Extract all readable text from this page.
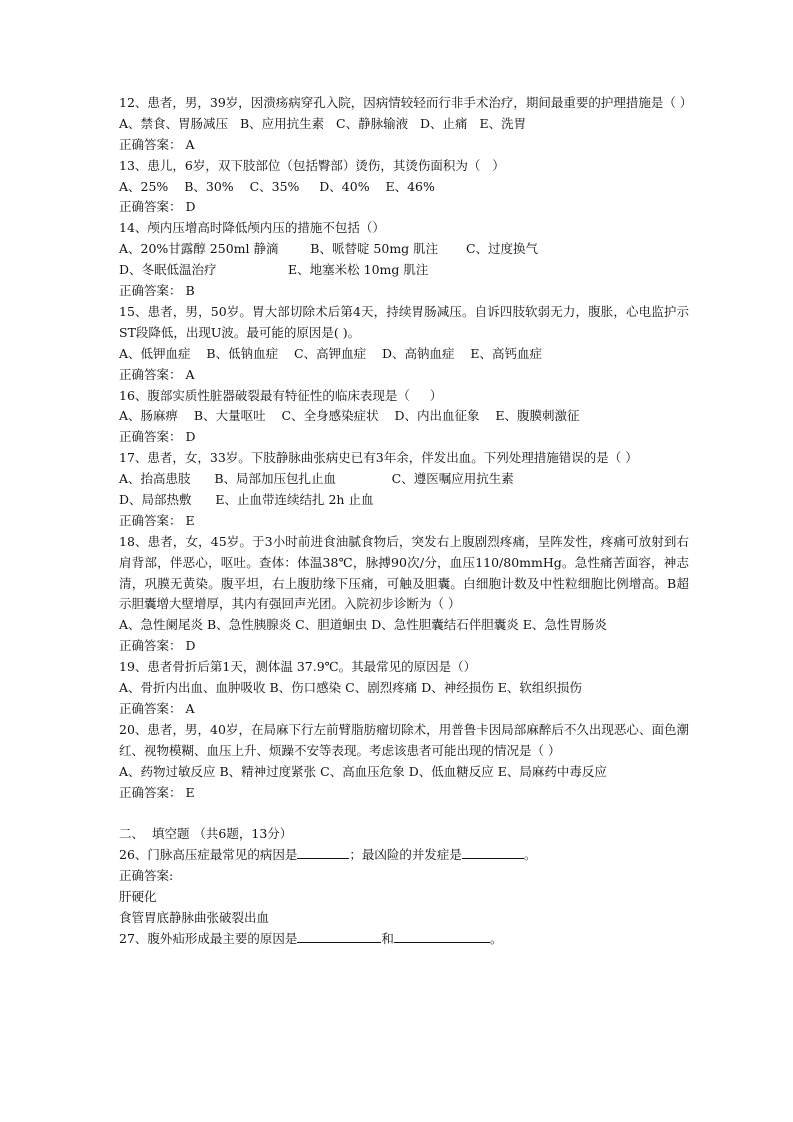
12、患者，男，39岁，因溃疡病穿孔入院，因病情较轻而行非手术治疗，期间最重要的护理措施是（ ）
A、禁食、胃肠减压   B、应用抗生素   C、静脉输液   D、止痛   E、洗胃
正确答案： A
13、患儿，6岁，双下肢部位（包括臀部）烫伤，其烫伤面积为（   ）
A、25%    B、30%    C、35%     D、40%    E、46%
正确答案： D
14、颅内压增高时降低颅内压的措施不包括（）
A、20%甘露醇 250ml 静滴        B、哌替啶 50mg 肌注       C、过度换气
D、冬眠低温治疗                  E、地塞米松 10mg 肌注
正确答案： B
15、患者，男，50岁。胃大部切除术后第4天，持续胃肠减压。自诉四肢软弱无力，腹胀，心电监护示ST段降低，出现U波。最可能的原因是( )。
A、低钾血症    B、低钠血症    C、高钾血症    D、高钠血症    E、高钙血症
正确答案： A
16、腹部实质性脏器破裂最有特征性的临床表现是（     ）
A、肠麻痹    B、大量呕吐    C、全身感染症状    D、内出血征象    E、腹膜刺激征
正确答案： D
17、患者，女，33岁。下肢静脉曲张病史已有3年余，伴发出血。下列处理措施错误的是（ ）
A、抬高患肢      B、局部加压包扎止血              C、遵医嘱应用抗生素
D、局部热敷      E、止血带连续结扎 2h 止血
正确答案： E
18、患者，女，45岁。于3小时前进食油腻食物后，突发右上腹剧烈疼痛，呈阵发性，疼痛可放射到右肩背部，伴恶心，呕吐。查体：体温38℃，脉搏90次/分，血压110/80mmHg。急性痛苦面容，神志清，巩膜无黄染。腹平坦，右上腹肋缘下压痛，可触及胆囊。白细胞计数及中性粒细胞比例增高。B超示胆囊增大壁增厚，其内有强回声光团。入院初步诊断为（ ）
A、急性阑尾炎 B、急性胰腺炎 C、胆道蛔虫 D、急性胆囊结石伴胆囊炎 E、急性胃肠炎
正确答案： D
19、患者骨折后第1天，测体温 37.9℃。其最常见的原因是（）
A、骨折内出血、血肿吸收 B、伤口感染 C、剧烈疼痛 D、神经损伤 E、软组织损伤
正确答案： A
20、患者，男，40岁，在局麻下行左前臂脂肪瘤切除术，用普鲁卡因局部麻醉后不久出现恶心、面色潮红、视物模糊、血压上升、烦躁不安等表现。考虑该患者可能出现的情况是（ ）
A、药物过敏反应 B、精神过度紧张 C、高血压危象 D、低血糖反应 E、局麻药中毒反应
正确答案： E
二、  填空题 （共6题，13分）
26、门脉高压症最常见的病因是	；最凶险的并发症是	。
正确答案:
肝硬化
食管胃底静脉曲张破裂出血
27、腹外疝形成最主要的原因是	和	。
